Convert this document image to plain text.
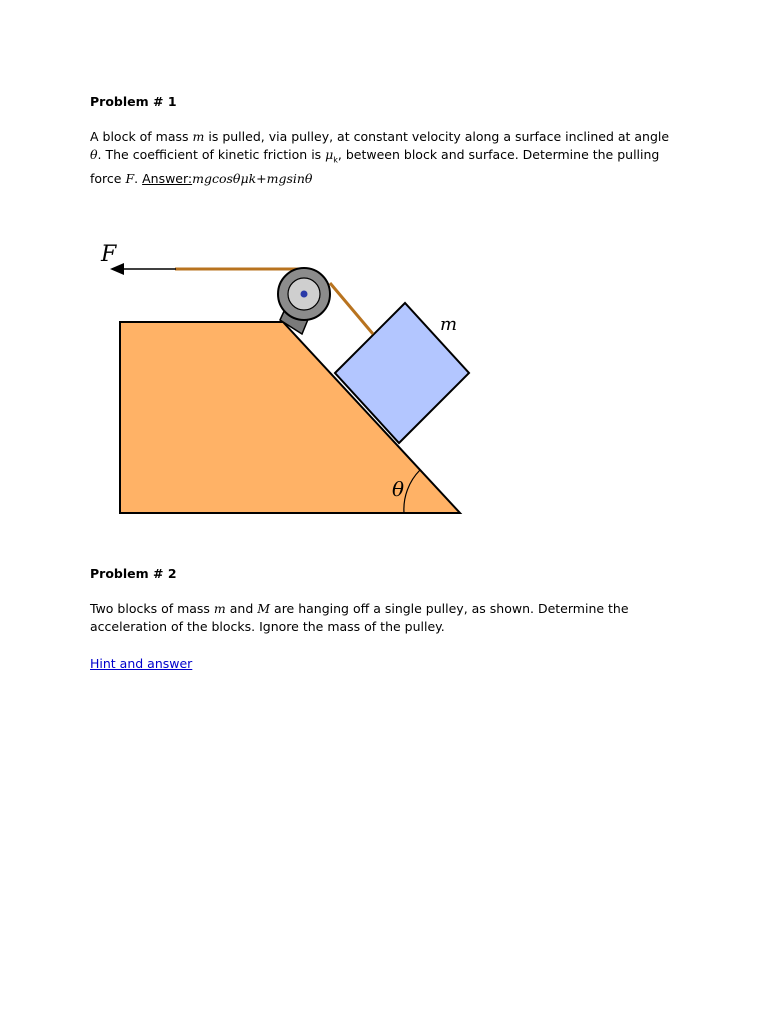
Problem # 1

A block of mass m is pulled, via pulley, at constant velocity along a surface inclined at angle θ. The coefficient of kinetic friction is $\mu_k$, between block and surface. Determine the pulling force F. Answer:mgcosθμk+mgsinθ

Problem # 2

Two blocks of mass m and M are hanging off a single pulley, as shown. Determine the acceleration of the blocks. Ignore the mass of the pulley.

Hint and answer

F
m
θ
